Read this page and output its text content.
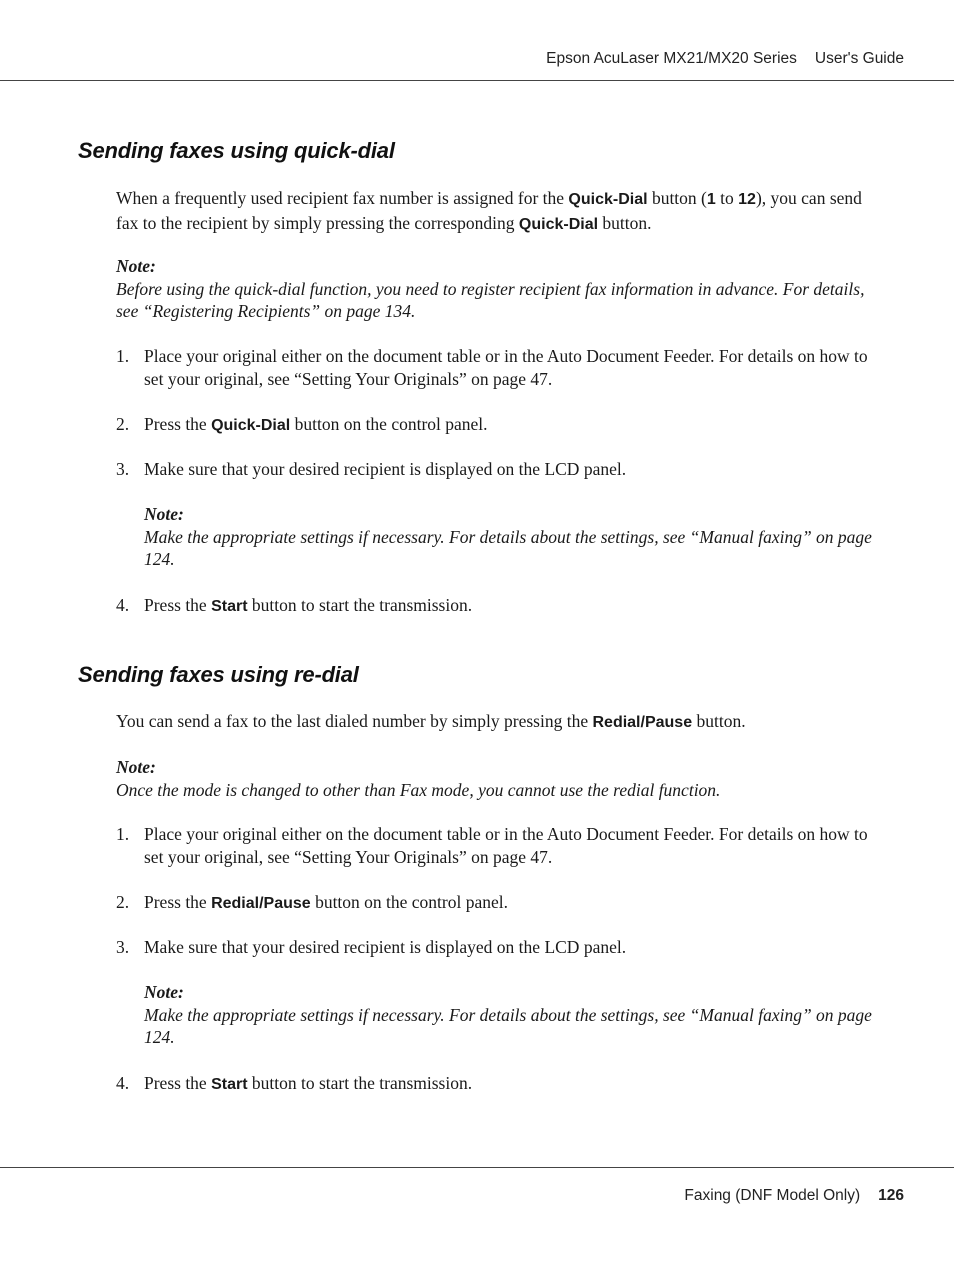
Epson AcuLaser MX21/MX20 Series User's Guide
Sending faxes using quick-dial

When a frequently used recipient fax number is assigned for the Quick-Dial button (1 to 12), you can send fax to the recipient by simply pressing the corresponding Quick-Dial button.

Note:
Before using the quick-dial function, you need to register recipient fax information in advance. For details, see “Registering Recipients” on page 134.
1. Place your original either on the document table or in the Auto Document Feeder. For details on how to set your original, see “Setting Your Originals” on page 47.
2. Press the Quick-Dial button on the control panel.
3. Make sure that your desired recipient is displayed on the LCD panel.
Note:
Make the appropriate settings if necessary. For details about the settings, see “Manual faxing” on page 124.
4. Press the Start button to start the transmission.
Sending faxes using re-dial

You can send a fax to the last dialed number by simply pressing the Redial/Pause button.

Note:
Once the mode is changed to other than Fax mode, you cannot use the redial function.
1. Place your original either on the document table or in the Auto Document Feeder. For details on how to set your original, see “Setting Your Originals” on page 47.
2. Press the Redial/Pause button on the control panel.
3. Make sure that your desired recipient is displayed on the LCD panel.
Note:
Make the appropriate settings if necessary. For details about the settings, see “Manual faxing” on page 124.
4. Press the Start button to start the transmission.
Faxing (DNF Model Only) 126
